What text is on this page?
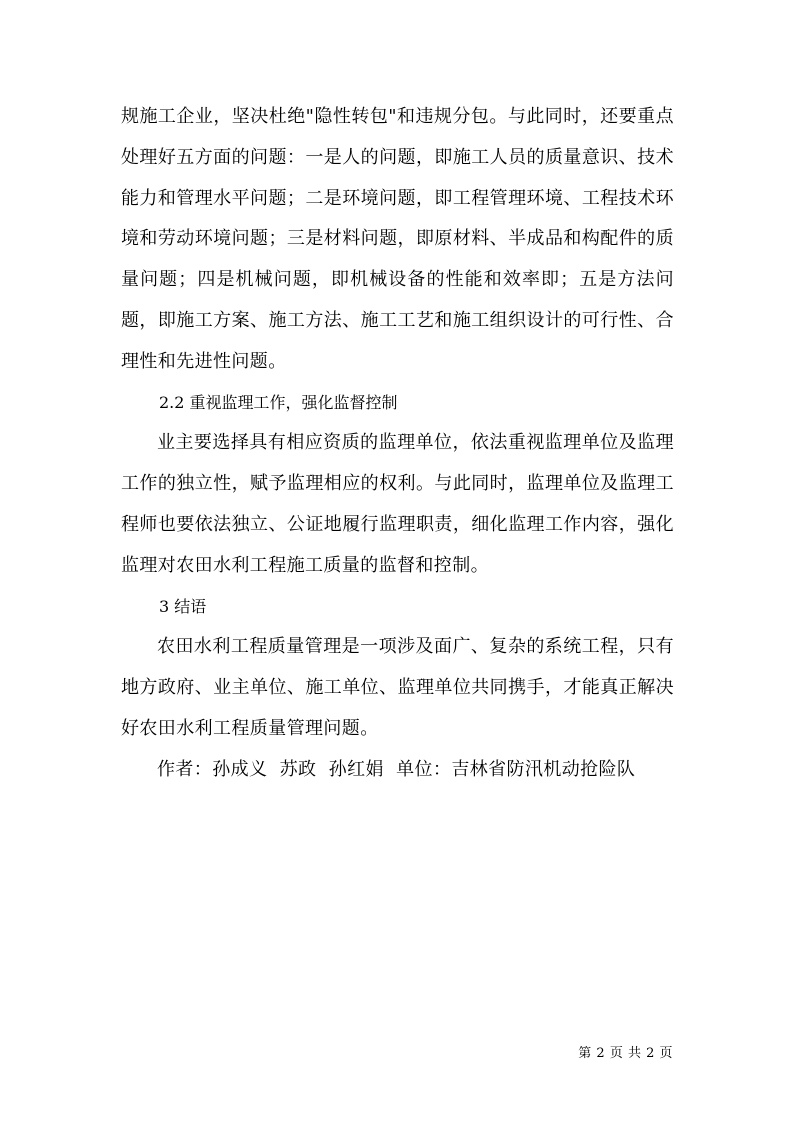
规施工企业，坚决杜绝"隐性转包"和违规分包。与此同时，还要重点处理好五方面的问题：一是人的问题，即施工人员的质量意识、技术能力和管理水平问题；二是环境问题，即工程管理环境、工程技术环境和劳动环境问题；三是材料问题，即原材料、半成品和构配件的质量问题；四是机械问题，即机械设备的性能和效率即；五是方法问题，即施工方案、施工方法、施工工艺和施工组织设计的可行性、合理性和先进性问题。

2.2 重视监理工作，强化监督控制

业主要选择具有相应资质的监理单位，依法重视监理单位及监理工作的独立性，赋予监理相应的权利。与此同时，监理单位及监理工程师也要依法独立、公证地履行监理职责，细化监理工作内容，强化监理对农田水利工程施工质量的监督和控制。

3 结语

农田水利工程质量管理是一项涉及面广、复杂的系统工程，只有地方政府、业主单位、施工单位、监理单位共同携手，才能真正解决好农田水利工程质量管理问题。

作者：孙成义  苏政  孙红娟  单位：吉林省防汛机动抢险队

第 2 页 共 2 页
